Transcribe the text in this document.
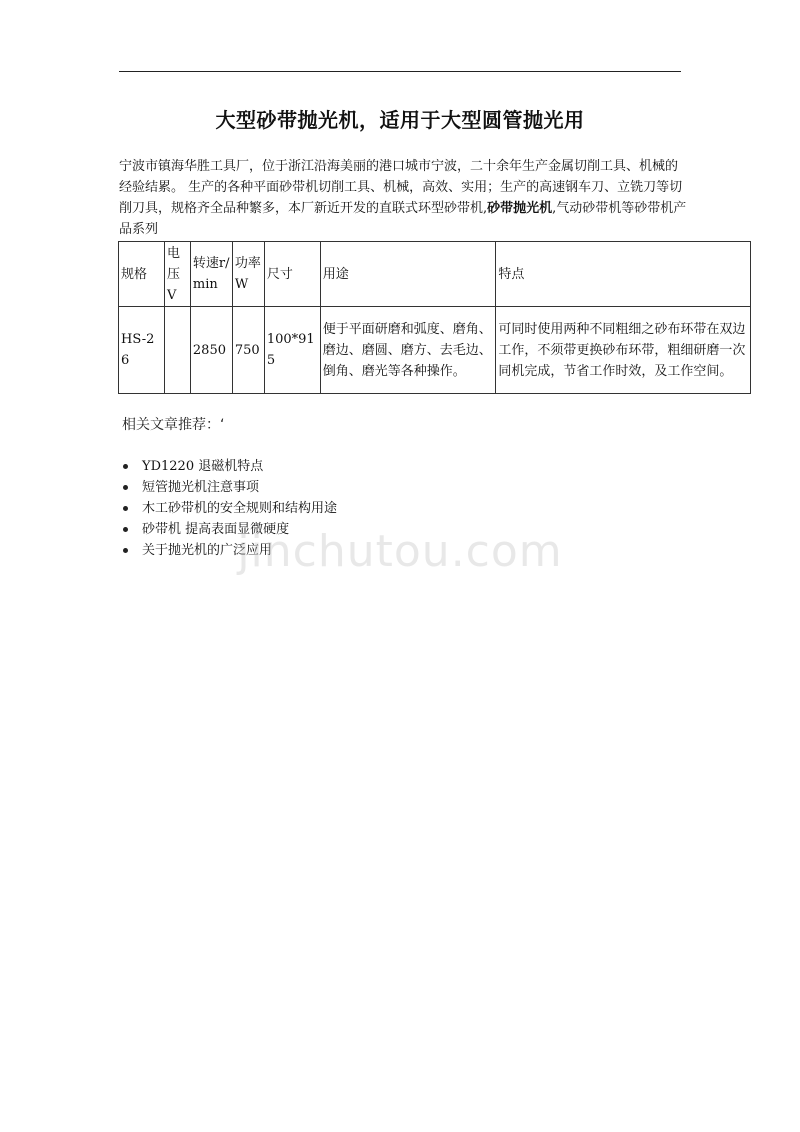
大型砂带抛光机，适用于大型圆管抛光用
宁波市镇海华胜工具厂，位于浙江沿海美丽的港口城市宁波，二十余年生产金属切削工具、机械的经验结累。 生产的各种平面砂带机切削工具、机械，高效、实用；生产的高速钢车刀、立铣刀等切削刀具，规格齐全品种繁多，本厂新近开发的直联式环型砂带机,砂带抛光机,气动砂带机等砂带机产品系列
规格	电压V	转速r/min	功率W	尺寸	用途	特点
HS-26		2850	750	100*915	便于平面研磨和弧度、磨角、磨边、磨圆、磨方、去毛边、倒角、磨光等各种操作。	可同时使用两种不同粗细之砂布环带在双边工作，不须带更换砂布环带，粗细研磨一次同机完成，节省工作时效，及工作空间。
相关文章推荐：‘
YD1220 退磁机特点
短管抛光机注意事项
木工砂带机的安全规则和结构用途
砂带机 提高表面显微硬度
关于抛光机的广泛应用
jinchutou.com
